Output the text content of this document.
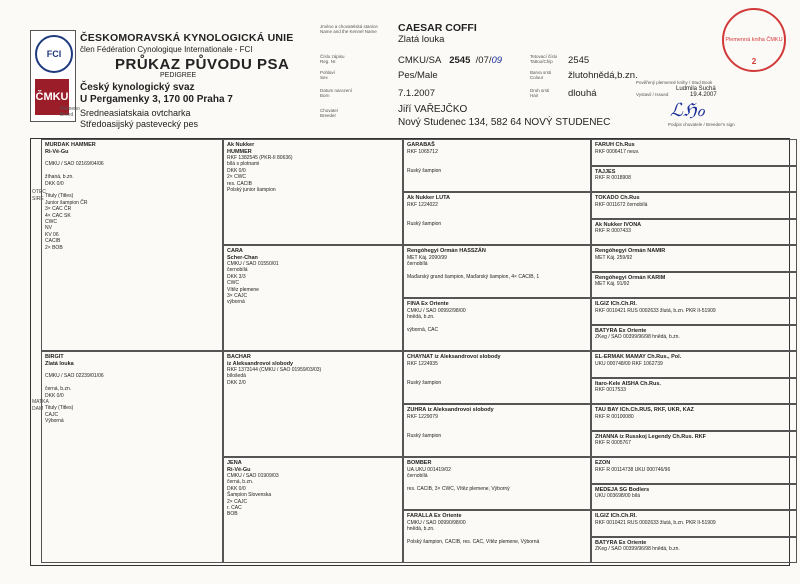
FCI
ČMKU
ČESKOMORAVSKÁ KYNOLOGICKÁ UNIE
člen Fédération Cynologique Internationale - FCI
PRŮKAZ PŮVODU PSA
PEDIGREE
Český kynologický svaz
U Pergamenky 3, 170 00 Praha 7
Plemeno
Breed Sredneasiatskaia ovtcharka
Středoasijský pastevecký pes
Jméno a chovatelská stanice
Name and the Kennel Name CAESAR COFFI
Zlatá louka
Číslo zápisu
Reg. Nr.	CMKU/SA 2545 /07/09	Tetovací číslo
Tattoo/Chip	2545
Pohlaví
Sex	Pes/Male	Barva srsti
Colour	žlutohnědá,b.zn.
Datum narození
Born	7.1.2007	Druh srsti
Hair	dlouhá
Chovatel
Breeder
Jiří VAŘEJČKO
Nový Studenec 134, 582 64 NOVÝ STUDENEC
Pověřený plemenné knihy / Stud Book
Ludmila Suchá
Vystavil / Issued	19.4.2007
ℒℌℴ
Podpis chovatele / Breeder's sign
Plemenná kniha ČMKU
2
OTEC SIRE
MATKA DAM
MURDAK HAMMER
Ri-Vé-Gu

CMKU / SAO 02169/04/06

žíhaná, b.zn.
DKK 0/0

Tituly (Titles)
Junior šampion ČR
3× CAC ČR
4× CAC SK
CWC
NV
KV 06
CACIB
2× BOB
BIRGIT
Zlatá louka

CMKU / SAO 02239/01/06

černá, b.zn.
DKK 0/0

Tituly (Titles)
CAJC
Výborná
Ak Nukker
HUMMER
RKF 1382545 (PKR-II 80636)
bílá s plotnami
DKK 0/0
2× CWC
res. CACIB
Polský junior šampion
CARA
Scher-Chan
CMKU / SAO 01550/01
černobílá
DKK 3/3
CWC
Vítěz plemene
3× CAJC
výborná
BACHAR
iz Aleksandrovoi slobody
RKF 1373144 (CMKU / SAO 01959/03/03)
bílošedá
DKK 2/0
JENA
Ri-Vé-Gu
CMKU / SAO 01909/03
černá, b.zn.
DKK 0/0
Šampion Slovenska
2× CAJC
r. CAC
BOB
GARABAŠ
RKF 1065712

Ruský šampion
Ak Nukker LUTA
RKF 1224022

Ruský šampion
Rengóhegyi Ormán HASSZÁN
MET Káj. 2090/99
černobílá

Maďarský grand šampion, Maďarský šampion, 4× CACIB, 1
FINA Ex Oriente
CMKU / SAO 00992/98/00
hnědá, b.zn.

výborná, CAC
CHAYNAT iz Aleksandrovoi slobody
RKF 1224935

Ruský šampion
ZUHRA iz Aleksandrovoi slobody
RKF 1229079

Ruský šampion
BOMBER
UA.UKU 001419/02
černobílá

res. CACIB, 3× CWC, Vítěz plemene, Výborný
FARALLA Ex Oriente
CMKU / SAO 00990/98/00
hnědá, b.zn.

Polský šampion, CACIB, res. CAC, Vítěz plemene, Výborná
FARUH Ch.Rus
RKF 0006417 neuv.
TAJJES
RKF R 0018908
TOKADO Ch.Rus
RKF 0011672 černobílá
Ak Nukker IVONA
RKF R 0007433
Rengóhegyi Ormán NAMIR
MET Káj. 259/92
Rengóhegyi Ormán KARIM
MET Káj. 91/92
ILGIZ ICh.Ch.Rl.
RKF 0010421 RUS 0002633 žlutá, b.zn. PKR II-51909
BATYRA Ex Oriente
ZKeg / SAO 00399/96/98 hnědá, b.zn.
EL-ERMAK MAMAY Ch.Rus., Pol.
UKU 000748/00 RKF 1062739
Itaro-Kele AISHA Ch.Rus.
RKF 0017533
TAU BAY ICh.Ch.RUS, RKF, UKR, KAZ
RKF R 00100080
ZHANNA iz Russkoj Legendy Ch.Rus. RKF
RKF R 0005767
EZON
RKF R 00114738 UKU 000746/96
MEDEJA SG Bodlers
UKU 003698/00 bílá
ILGIZ ICh.Ch.Rl.
RKF 0010421 RUS 0002633 žlutá, b.zn. PKR II-51909
BATYRA Ex Oriente
ZKeg / SAO 00399/96/98 hnědá, b.zn.
